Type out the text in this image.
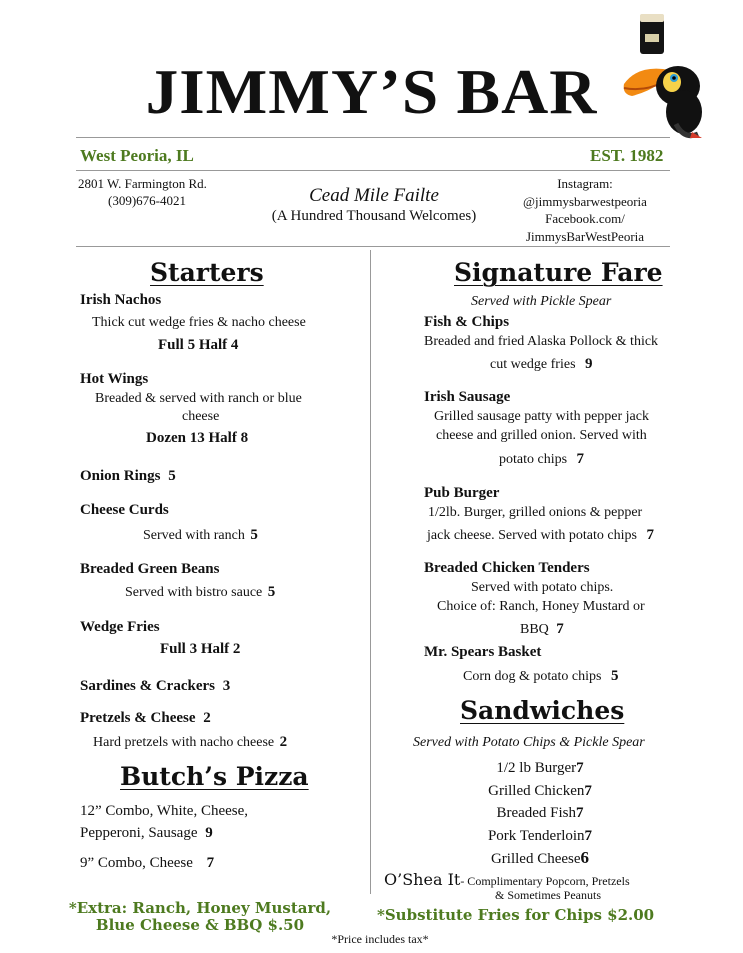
JIMMY’S BAR
West Peoria, IL	EST. 1982
2801 W. Farmington Rd.
(309)676-4021	Cead Mile Failte
(A Hundred Thousand Welcomes)
Instagram:
@jimmysbarwestpeoria
Facebook.com/
JimmysBarWestPeoria
Starters
Irish Nachos
Thick cut wedge fries & nacho cheese
Full 5 Half 4
Hot Wings
Breaded & served with ranch or blue
cheese
Dozen 13 Half 8
Onion Rings 5
Cheese Curds
Served with ranch 5
Breaded Green Beans
Served with bistro sauce 5
Wedge Fries
Full 3 Half 2
Sardines & Crackers 3
Pretzels & Cheese 2
Hard pretzels with nacho cheese 2
Butch’s Pizza
12” Combo, White, Cheese,
Pepperoni, Sausage 9
9” Combo, Cheese 7
Signature Fare
Served with Pickle Spear
Fish & Chips
Breaded and fried Alaska Pollock & thick
cut wedge fries 9
Irish Sausage
Grilled sausage patty with pepper jack
cheese and grilled onion. Served with
potato chips 7
Pub Burger
1/2lb. Burger, grilled onions & pepper
jack cheese. Served with potato chips 7
Breaded Chicken Tenders
Served with potato chips.
Choice of: Ranch, Honey Mustard or
BBQ 7
Mr. Spears Basket
Corn dog & potato chips 5
Sandwiches
Served with Potato Chips & Pickle Spear
1/2 lb Burger7
Grilled Chicken7
Breaded Fish7
Pork Tenderloin7
Grilled Cheese6
O’Shea It- Complimentary Popcorn, Pretzels
& Sometimes Peanuts
*Extra: Ranch, Honey Mustard,
Blue Cheese & BBQ $.50
*Substitute Fries for Chips $2.00
*Price includes tax*
